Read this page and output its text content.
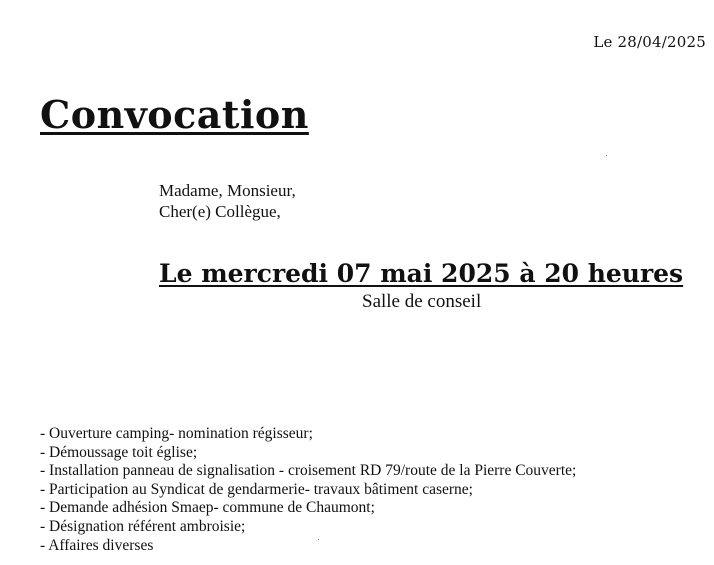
Le 28/04/2025
Convocation
Madame, Monsieur,
Cher(e) Collègue,
Le mercredi 07 mai 2025 à 20 heures
Salle de conseil
- Ouverture camping- nomination régisseur;
- Démoussage toit église;
- Installation panneau de signalisation - croisement RD 79/route de la Pierre Couverte;
- Participation au Syndicat de gendarmerie- travaux bâtiment caserne;
- Demande adhésion Smaep- commune de Chaumont;
- Désignation référent ambroisie;
- Affaires diverses
